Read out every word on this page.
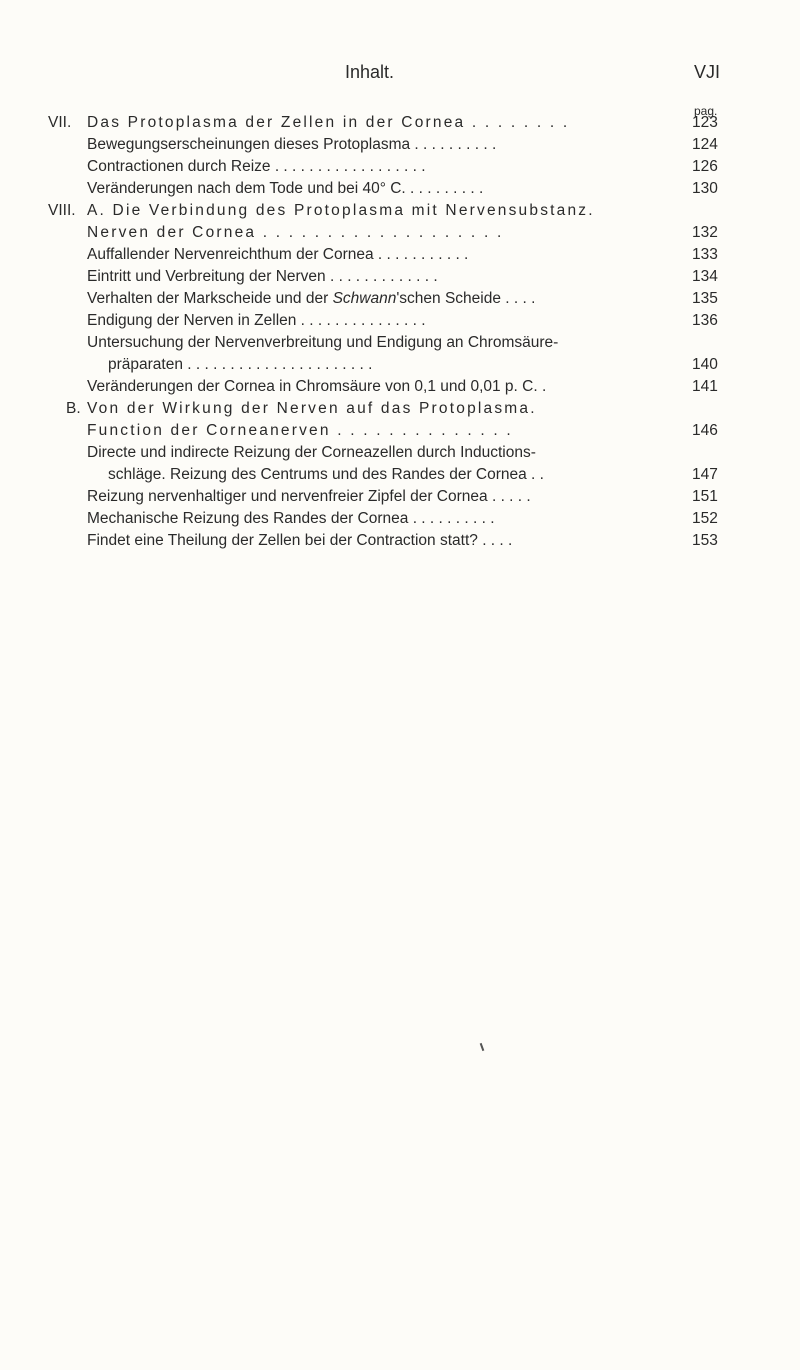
Inhalt.	VJI
pag.
VII. Das Protoplasma der Zellen in der Cornea . . . . . . . .	123
Bewegungserscheinungen dieses Protoplasma . . . . . . . . . .	124
Contractionen durch Reize . . . . . . . . . . . . . . . . . .	126
Veränderungen nach dem Tode und bei 40° C. . . . . . . . . .	130
VIII. A. Die Verbindung des Protoplasma mit Nervensubstanz.
Nerven der Cornea . . . . . . . . . . . . . . . . . . .	132
Auffallender Nervenreichthum der Cornea . . . . . . . . . . .	133
Eintritt und Verbreitung der Nerven . . . . . . . . . . . . .	134
Verhalten der Markscheide und der Schwann'schen Scheide . . . .	135
Endigung der Nerven in Zellen . . . . . . . . . . . . . . .	136
Untersuchung der Nervenverbreitung und Endigung an Chromsäure-
präparaten . . . . . . . . . . . . . . . . . . . . . .	140
Veränderungen der Cornea in Chromsäure von 0,1 und 0,01 p. C. .	141
B. Von der Wirkung der Nerven auf das Protoplasma.
Function der Corneanerven . . . . . . . . . . . . . .	146
Directe und indirecte Reizung der Corneazellen durch Inductions-
schläge. Reizung des Centrums und des Randes der Cornea . .	147
Reizung nervenhaltiger und nervenfreier Zipfel der Cornea . . . . .	151
Mechanische Reizung des Randes der Cornea . . . . . . . . . .	152
Findet eine Theilung der Zellen bei der Contraction statt? . . . .	153
